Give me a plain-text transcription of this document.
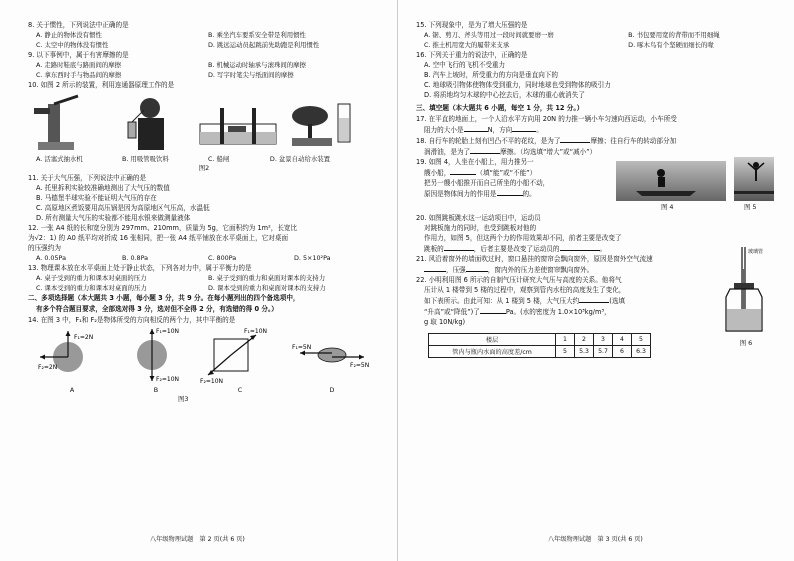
8. 关于惯性，下列说法中正确的是
A. 静止的物体没有惯性	B. 乘坐汽车要系安全带是利用惯性
C. 太空中的物体没有惯性	D. 跳远运动员起跳前先助跑是利用惯性
9. 以下事例中，属于有害摩擦的是
A. 走路时鞋底与路面间的摩擦	B. 机械运动时轴承与滚珠间的摩擦
C. 拿东西时手与物品间的摩擦	D. 写字时笔尖与纸面间的摩擦
10. 如图 2 所示的装置，利用连通器原理工作的是
A. 活塞式抽水机	B. 用吸管吸饮料	C. 船闸	D. 盆景自动给水装置
图2
11. 关于大气压强，下列说法中正确的是
A. 托里拆利实验较准确地测出了大气压的数值
B. 马德堡半球实验不能证明大气压的存在
C. 高原地区煮饭要用高压锅是因为高原地区气压高，水温低
D. 所有测量大气压的实验都不能用水银来做测量液体
12. 一张 A4 纸的长和宽分别为 297mm、210mm，质量为 5g，它面积约为 1m²，长宽比
为√2：1) 的 A0 纸平均对折成 16 张相同，把一张 A4 纸平铺放在水平桌面上，它对桌面
的压强约为
A. 0.05Pa	B. 0.8Pa	C. 800Pa	D. 5×10²Pa
13. 物理课本放在水平桌面上处于静止状态，下列各对力中，属于平衡力的是
A. 桌子受到的重力和课本对桌面的压力	B. 桌子受到的重力和桌面对课本的支持力
C. 课本受到的重力和课本对桌面的压力	D. 课本受到的重力和桌面对课本的支持力
二、多项选择题（本大题共 3 小题，每小题 3 分，共 9 分。在每小题列出的四个备选项中，
有多个符合题目要求，全部选对得 3 分，选对但不全得 2 分，有选错的得 0 分。）
14. 在图 3 中，F₁和 F₂是物体所受的方向相反的两个力，其中平衡的是
F₁=2N
F₂=2N
F₁=10N
F₂=10N
F₁=10N
F₂=10N
F₁=5N
F₂=5N
A	B	C	D
图3
八年级物理试题　第 2 页(共 6 页)
15. 下列现象中，是为了增大压强的是
A. 锯、剪刀、斧头等用过一段时间就要磨一磨	B. 书包要用宽的背带而不用细绳
C. 推土机用宽大的履带来支承	D. 啄木鸟有个坚硬而细长的喙
16. 下列关于重力的说法中，正确的是
A. 空中飞行的飞机不受重力
B. 汽车上坡时，所受重力的方向是垂直向下的
C. 地球吸引物体使物体受到重力，同时地球也受到物体的吸引力
D. 将质地均匀木球的中心挖去后，木球的重心就消失了
三、填空题（本大题共 6 小题，每空 1 分，共 12 分。）
17. 在平直的地面上，一个人沿水平方向用 20N 的力推一辆小车匀速向西运动，小车所受
阻力的大小是	N，方向	。
18. 自行车的轮胎上刻有凹凸不平的花纹，是为了	摩擦；往自行车的转动部分加
润滑油，是为了	摩擦。（均选填“增大”或“减小”）
19. 如图 4，人坐在小船上，用力推另一
艘小船，	（填“能”或“不能”）
把另一艘小船推开而自己所坐的小船不动，
原因是物体间力的作用是	的。
图 4	图 5
20. 如图跳板跳水这一运动项目中，运动员
对跳板施力的同时，也受到跳板对他的
作用力，如图 5，但这两个力的作用效果却不同，前者主要是改变了
跳板的	，后者主要是改变了运动员的	。
21. 风沿着窗外的墙面吹过时，窗口悬挂的窗帘会飘向窗外，原因是窗外空气流速
，压强	，窗内外的压力差使窗帘飘向窗外。
22. 小明利用图 6 所示的自制气压计研究大气压与高度的关系。他将气
压计从 1 楼带到 5 楼的过程中，观察到管内水柱的高度发生了变化，
如下表所示。由此可知：从 1 楼到 5 楼，大气压大约	(选填
“升高”或“降低”)了	Pa。(水的密度为 1.0×10³kg/m³，
g 取 10N/kg)
楼层	1	2	3	4	5
管内与瓶内水面的高度差/cm	5	5.3	5.7	6	6.3
玻璃管
图 6
八年级物理试题　第 3 页(共 6 页)
